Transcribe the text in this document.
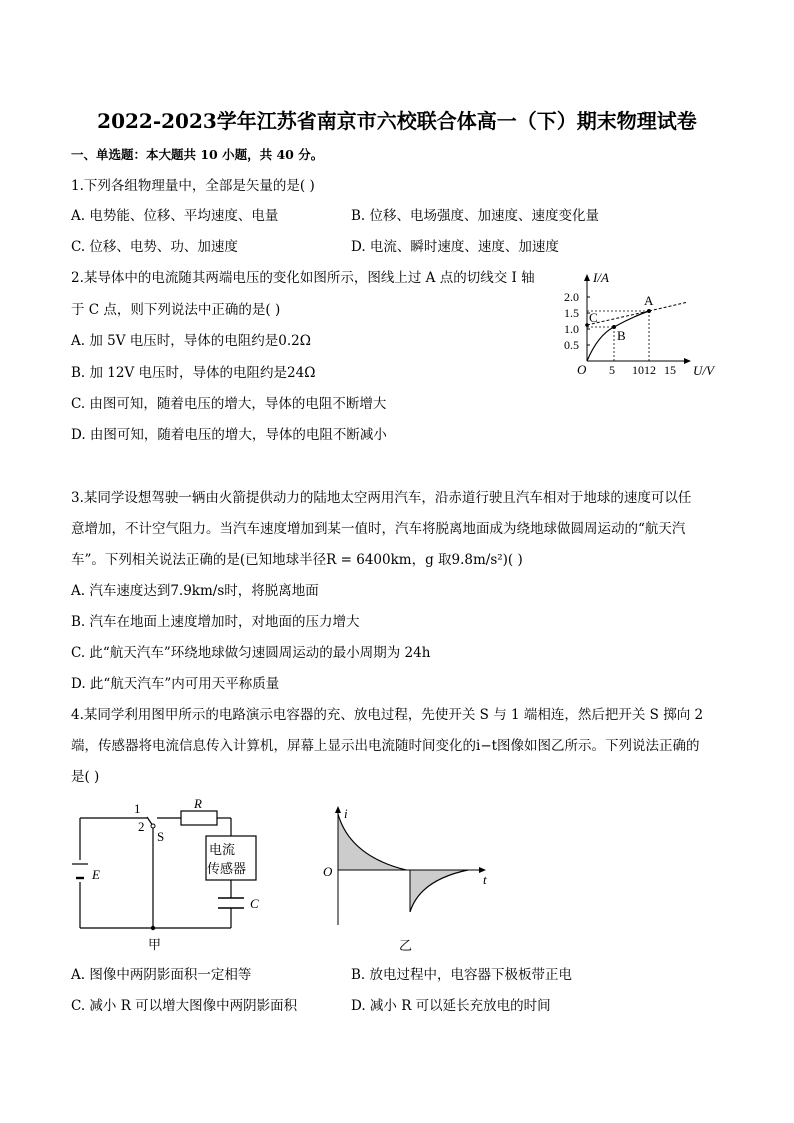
2022-2023学年江苏省南京市六校联合体高一（下）期末物理试卷
一、单选题：本大题共 10 小题，共 40 分。
1.下列各组物理量中，全部是矢量的是( )
A. 电势能、位移、平均速度、电量	B. 位移、电场强度、加速度、速度变化量
C. 位移、电势、功、加速度	D. 电流、瞬时速度、速度、加速度
2.某导体中的电流随其两端电压的变化如图所示，图线上过 A 点的切线交 I 轴
于 C 点，则下列说法中正确的是( )
A. 加 5V 电压时，导体的电阻约是0.2Ω
B. 加 12V 电压时，导体的电阻约是24Ω
C. 由图可知，随着电压的增大，导体的电阻不断增大
D. 由图可知，随着电压的增大，导体的电阻不断减小
I/A
U/V
O
2.0
1.5
1.0
0.5
5 1012 15
A
B
C
3.某同学设想驾驶一辆由火箭提供动力的陆地太空两用汽车，沿赤道行驶且汽车相对于地球的速度可以任
意增加，不计空气阻力。当汽车速度增加到某一值时，汽车将脱离地面成为绕地球做圆周运动的“航天汽
车”。下列相关说法正确的是(已知地球半径R = 6400km，g 取9.8m/s²)( )
A. 汽车速度达到7.9km/s时，将脱离地面
B. 汽车在地面上速度增加时，对地面的压力增大
C. 此“航天汽车”环绕地球做匀速圆周运动的最小周期为 24h
D. 此“航天汽车”内可用天平称质量
4.某同学利用图甲所示的电路演示电容器的充、放电过程，先使开关 S 与 1 端相连，然后把开关 S 掷向 2
端，传感器将电流信息传入计算机，屏幕上显示出电流随时间变化的i−t图像如图乙所示。下列说法正确的
是( )
E
1
2
S
R
电流
传感器
C
甲
i
t
O
乙
A. 图像中两阴影面积一定相等	B. 放电过程中，电容器下极板带正电
C. 减小 R 可以增大图像中两阴影面积	D. 减小 R 可以延长充放电的时间
